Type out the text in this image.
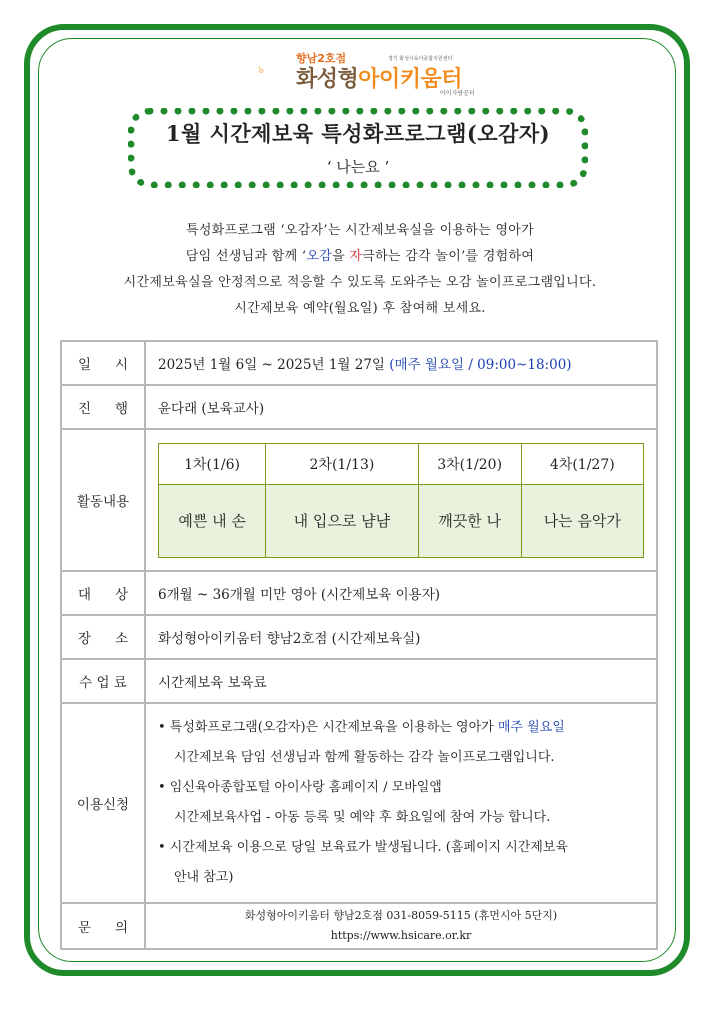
향남2호점
화성형아이키움터
경기 화성시육아종합지원센터
아이자람공터
1월 시간제보육 특성화프로그램(오감자)
‘ 나는요 ’
특성화프로그램 ‘오감자’는 시간제보육실을 이용하는 영아가
담임 선생님과 함께 ‘오감을 자극하는 감각 놀이’를 경험하여
시간제보육실을 안정적으로 적응할 수 있도록 도와주는 오감 놀이프로그램입니다.
시간제보육 예약(월요일) 후 참여해 보세요.
일 시	2025년 1월 6일 ~ 2025년 1월 27일 (매주 월요일 / 09:00~18:00)

진 행	윤다래 (보육교사)
활동내용	
1차(1/6)	2차(1/13)	3차(1/20)	4차(1/27)
예쁜 내 손	내 입으로 냠냠	깨끗한 나	나는 음악가

대 상	6개월 ~ 36개월 미만 영아 (시간제보육 이용자)

장 소	화성형아이키움터 향남2호점 (시간제보육실)
수 업 료	시간제보육 보육료
이용신청	
• 특성화프로그램(오감자)은 시간제보육을 이용하는 영아가 매주 월요일
시간제보육 담임 선생님과 함께 활동하는 감각 놀이프로그램입니다.
• 임신육아종합포털 아이사랑 홈페이지 / 모바일앱
시간제보육사업 - 아동 등록 및 예약 후 화요일에 참여 가능 합니다.
• 시간제보육 이용으로 당일 보육료가 발생됩니다. (홈페이지 시간제보육
안내 참고)

문 의

화성형아이키움터 향남2호점 031-8059-5115 (휴먼시아 5단지)
https://www.hsicare.or.kr
